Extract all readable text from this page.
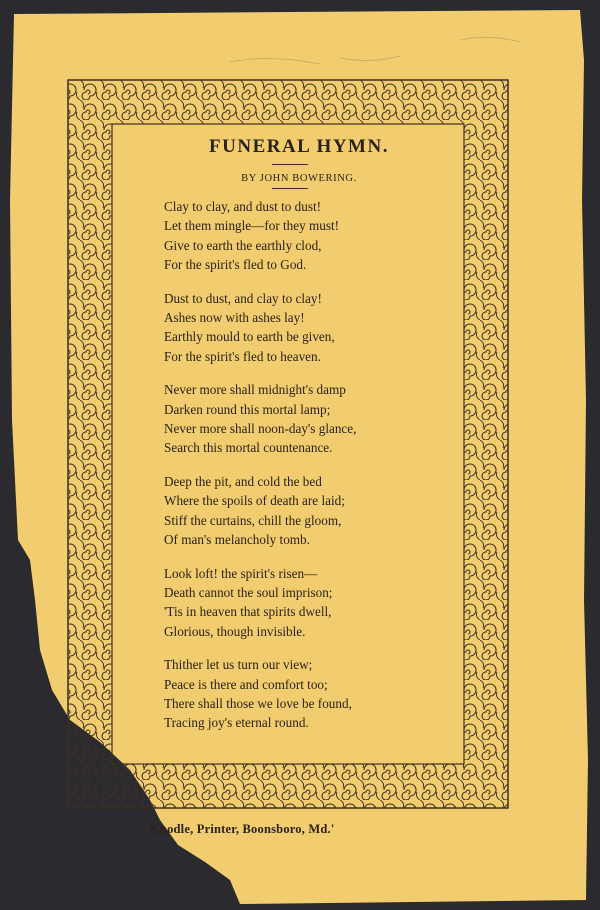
FUNERAL HYMN.
BY JOHN BOWERING.
Clay to clay, and dust to dust!
Let them mingle—for they must!
Give to earth the earthly clod,
For the spirit's fled to God.
Dust to dust, and clay to clay!
Ashes now with ashes lay!
Earthly mould to earth be given,
For the spirit's fled to heaven.
Never more shall midnight's damp
Darken round this mortal lamp;
Never more shall noon-day's glance,
Search this mortal countenance.
Deep the pit, and cold the bed
Where the spoils of death are laid;
Stiff the curtains, chill the gloom,
Of man's melancholy tomb.
Look loft! the spirit's risen—
Death cannot the soul imprison;
'Tis in heaven that spirits dwell,
Glorious, though invisible.
Thither let us turn our view;
Peace is there and comfort too;
There shall those we love be found,
Tracing joy's eternal round.
Knodle, Printer, Boonsboro, Md.'
